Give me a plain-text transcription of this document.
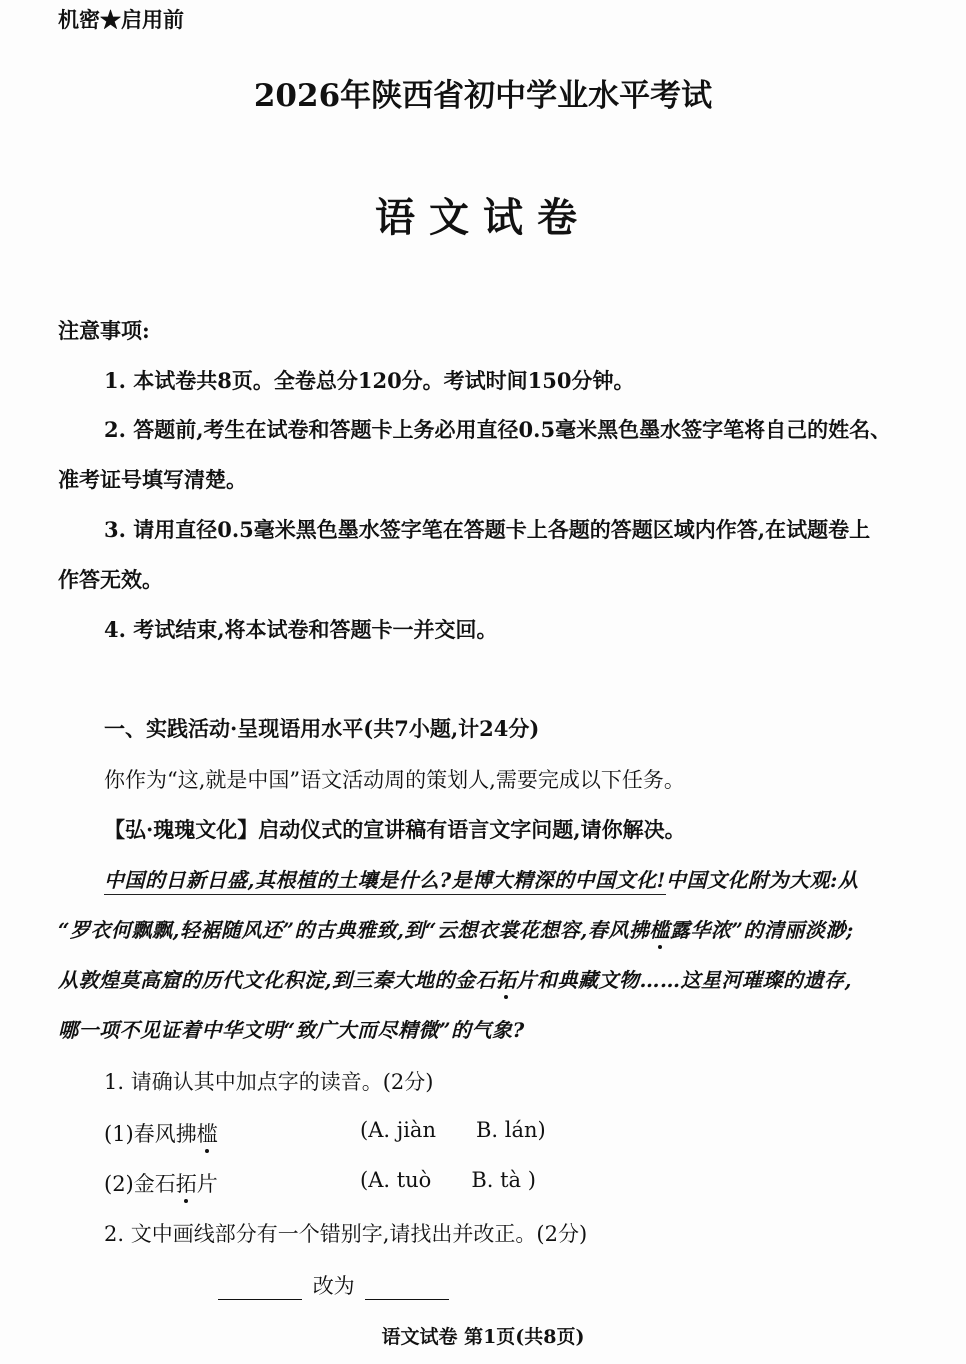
机密★启用前
2026年陕西省初中学业水平考试
语文试卷
注意事项:
1. 本试卷共8页。全卷总分120分。考试时间150分钟。
2. 答题前,考生在试卷和答题卡上务必用直径0.5毫米黑色墨水签字笔将自己的姓名、
准考证号填写清楚。
3. 请用直径0.5毫米黑色墨水签字笔在答题卡上各题的答题区域内作答,在试题卷上
作答无效。
4. 考试结束,将本试卷和答题卡一并交回。
一、实践活动·呈现语用水平(共7小题,计24分)
你作为“这,就是中国”语文活动周的策划人,需要完成以下任务。
【弘·瑰瑰文化】启动仪式的宣讲稿有语言文字问题,请你解决。
中国的日新日盛,其根植的土壤是什么?是博大精深的中国文化!中国文化附为大观:从
“罗衣何飘飘,轻裾随风还”的古典雅致,到“云想衣裳花想容,春风拂槛露华浓”的清丽淡渺;
从敦煌莫高窟的历代文化积淀,到三秦大地的金石拓片和典藏文物……这星河璀璨的遗存,
哪一项不见证着中华文明“致广大而尽精微”的气象?
1. 请确认其中加点字的读音。(2分)
(1)春风拂槛	(A. jiàn B. lán)
(2)金石拓片	(A. tuò B. tà )
2. 文中画线部分有一个错别字,请找出并改正。(2分)
改为
语文试卷 第1页(共8页)
